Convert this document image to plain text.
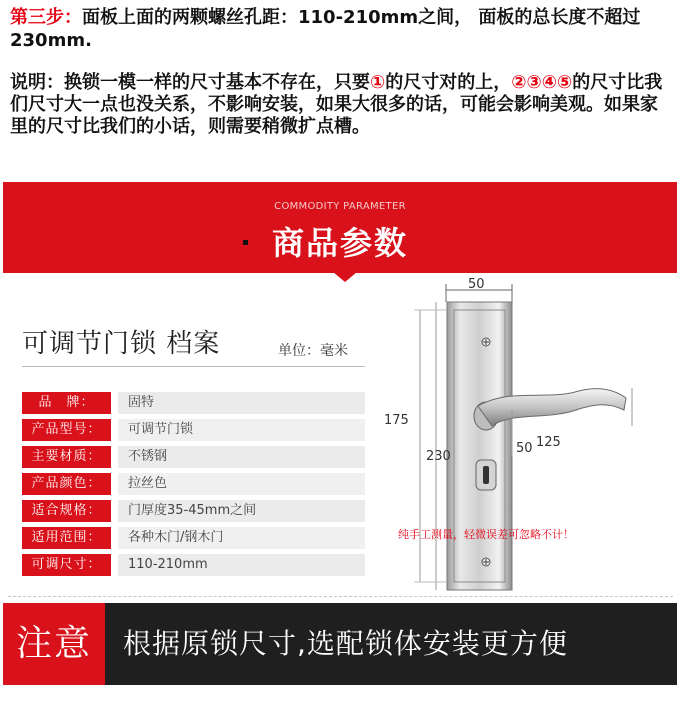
第三步：面板上面的两颗螺丝孔距：110-210mm之间， 面板的总长度不超过230mm.
说明：换锁一模一样的尺寸基本不存在，只要①的尺寸对的上，②③④⑤的尺寸比我们尺寸大一点也没关系，不影响安装，如果大很多的话，可能会影响美观。如果家里的尺寸比我们的小话，则需要稍微扩点槽。
COMMODITY PARAMETER
商品参数
可调节门锁 档案	单位：毫米
品　牌：	固特
产品型号：	可调节门锁
主要材质：	不锈钢
产品颜色：	拉丝色
适合规格：	门厚度35-45mm之间
适用范围：	各种木门/钢木门
可调尺寸：	110-210mm
50
175
230
50 125
纯手工测量，轻微误差可忽略不计！
注意	根据原锁尺寸,选配锁体安装更方便
